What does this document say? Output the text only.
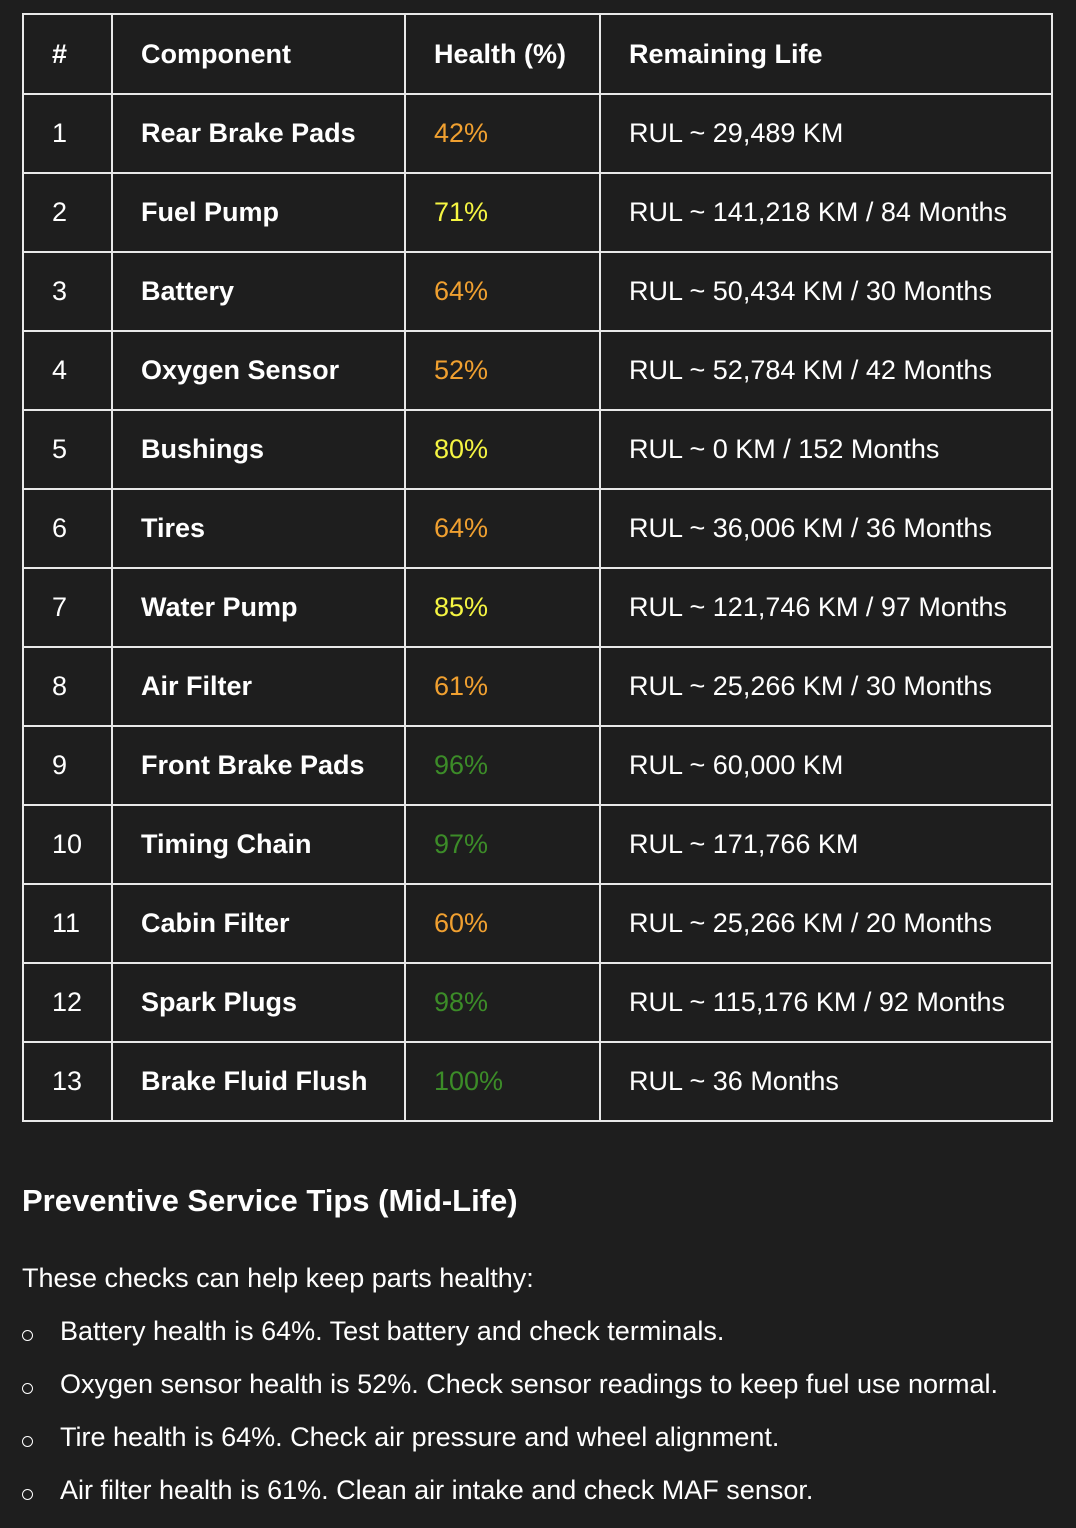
#	Component	Health (%)	Remaining Life
1	Rear Brake Pads	42%	RUL ~ 29,489 KM
2	Fuel Pump	71%	RUL ~ 141,218 KM / 84 Months
3	Battery	64%	RUL ~ 50,434 KM / 30 Months
4	Oxygen Sensor	52%	RUL ~ 52,784 KM / 42 Months
5	Bushings	80%	RUL ~ 0 KM / 152 Months
6	Tires	64%	RUL ~ 36,006 KM / 36 Months
7	Water Pump	85%	RUL ~ 121,746 KM / 97 Months
8	Air Filter	61%	RUL ~ 25,266 KM / 30 Months
9	Front Brake Pads	96%	RUL ~ 60,000 KM
10	Timing Chain	97%	RUL ~ 171,766 KM
11	Cabin Filter	60%	RUL ~ 25,266 KM / 20 Months
12	Spark Plugs	98%	RUL ~ 115,176 KM / 92 Months
13	Brake Fluid Flush	100%	RUL ~ 36 Months
Preventive Service Tips (Mid-Life)

These checks can help keep parts healthy:

Battery health is 64%. Test battery and check terminals.
Oxygen sensor health is 52%. Check sensor readings to keep fuel use normal.
Tire health is 64%. Check air pressure and wheel alignment.
Air filter health is 61%. Clean air intake and check MAF sensor.
